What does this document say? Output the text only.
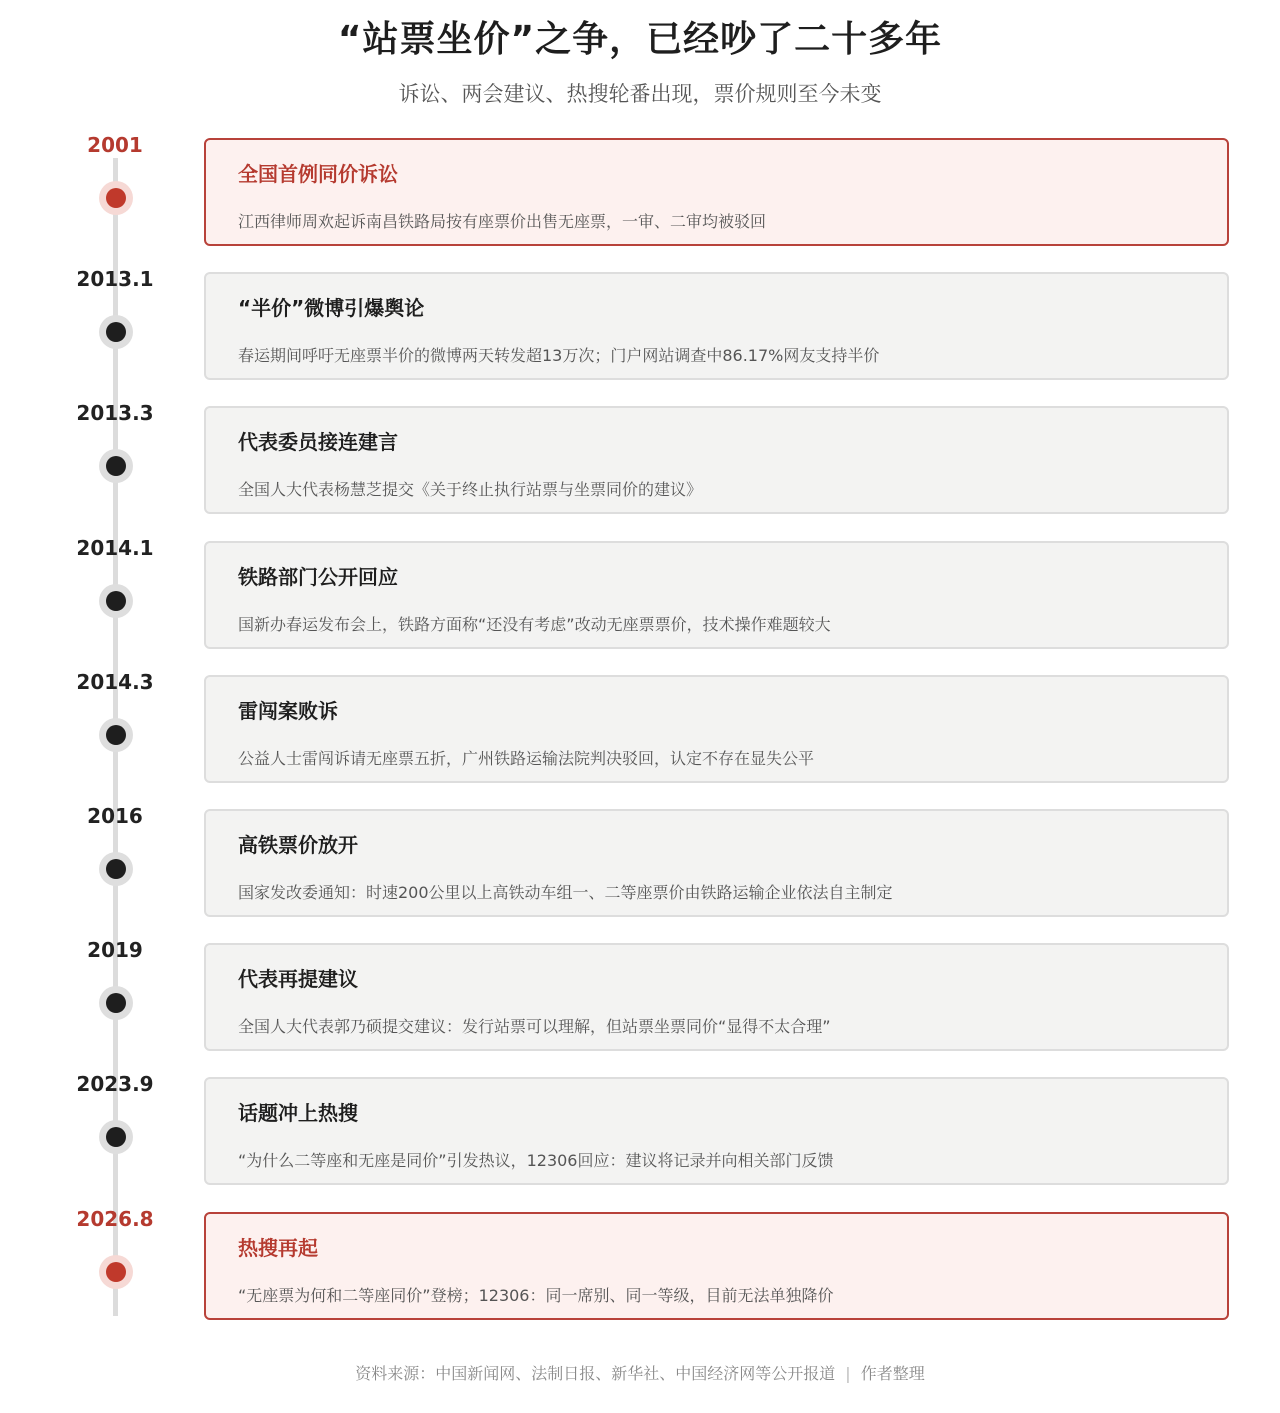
“站票坐价”之争，已经吵了二十多年
诉讼、两会建议、热搜轮番出现，票价规则至今未变
2001
全国首例同价诉讼
江西律师周欢起诉南昌铁路局按有座票价出售无座票，一审、二审均被驳回
2013.1
“半价”微博引爆舆论
春运期间呼吁无座票半价的微博两天转发超13万次；门户网站调查中86.17%网友支持半价
2013.3
代表委员接连建言
全国人大代表杨慧芝提交《关于终止执行站票与坐票同价的建议》
2014.1
铁路部门公开回应
国新办春运发布会上，铁路方面称“还没有考虑”改动无座票票价，技术操作难题较大
2014.3
雷闯案败诉
公益人士雷闯诉请无座票五折，广州铁路运输法院判决驳回，认定不存在显失公平
2016
高铁票价放开
国家发改委通知：时速200公里以上高铁动车组一、二等座票价由铁路运输企业依法自主制定
2019
代表再提建议
全国人大代表郭乃硕提交建议：发行站票可以理解，但站票坐票同价“显得不太合理”
2023.9
话题冲上热搜
“为什么二等座和无座是同价”引发热议，12306回应：建议将记录并向相关部门反馈
2026.8
热搜再起
“无座票为何和二等座同价”登榜；12306：同一席别、同一等级，目前无法单独降价
资料来源：中国新闻网、法制日报、新华社、中国经济网等公开报道 | 作者整理
